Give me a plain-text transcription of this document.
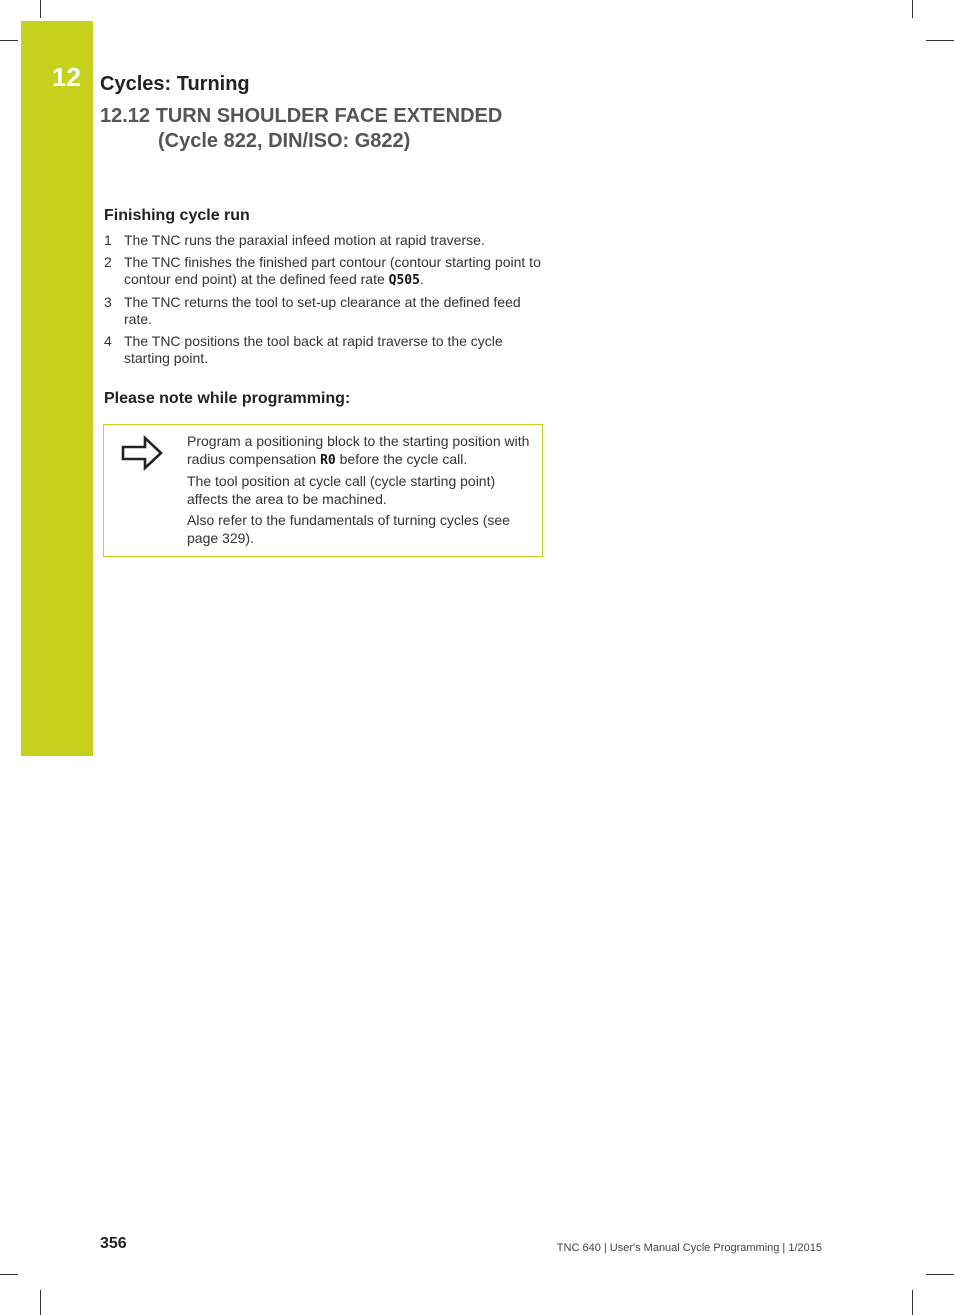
12 Cycles: Turning
12.12 TURN SHOULDER FACE EXTENDED
(Cycle 822, DIN/ISO: G822)
Finishing cycle run
1 The TNC runs the paraxial infeed motion at rapid traverse.
2 The TNC finishes the finished part contour (contour starting point to contour end point) at the defined feed rate Q505.
3 The TNC returns the tool to set-up clearance at the defined feed rate.
4 The TNC positions the tool back at rapid traverse to the cycle starting point.
Please note while programming:

Program a positioning block to the starting position with radius compensation R0 before the cycle call.

The tool position at cycle call (cycle starting point) affects the area to be machined.

Also refer to the fundamentals of turning cycles (see page 329).

356	TNC 640 | User's Manual Cycle Programming | 1/2015
